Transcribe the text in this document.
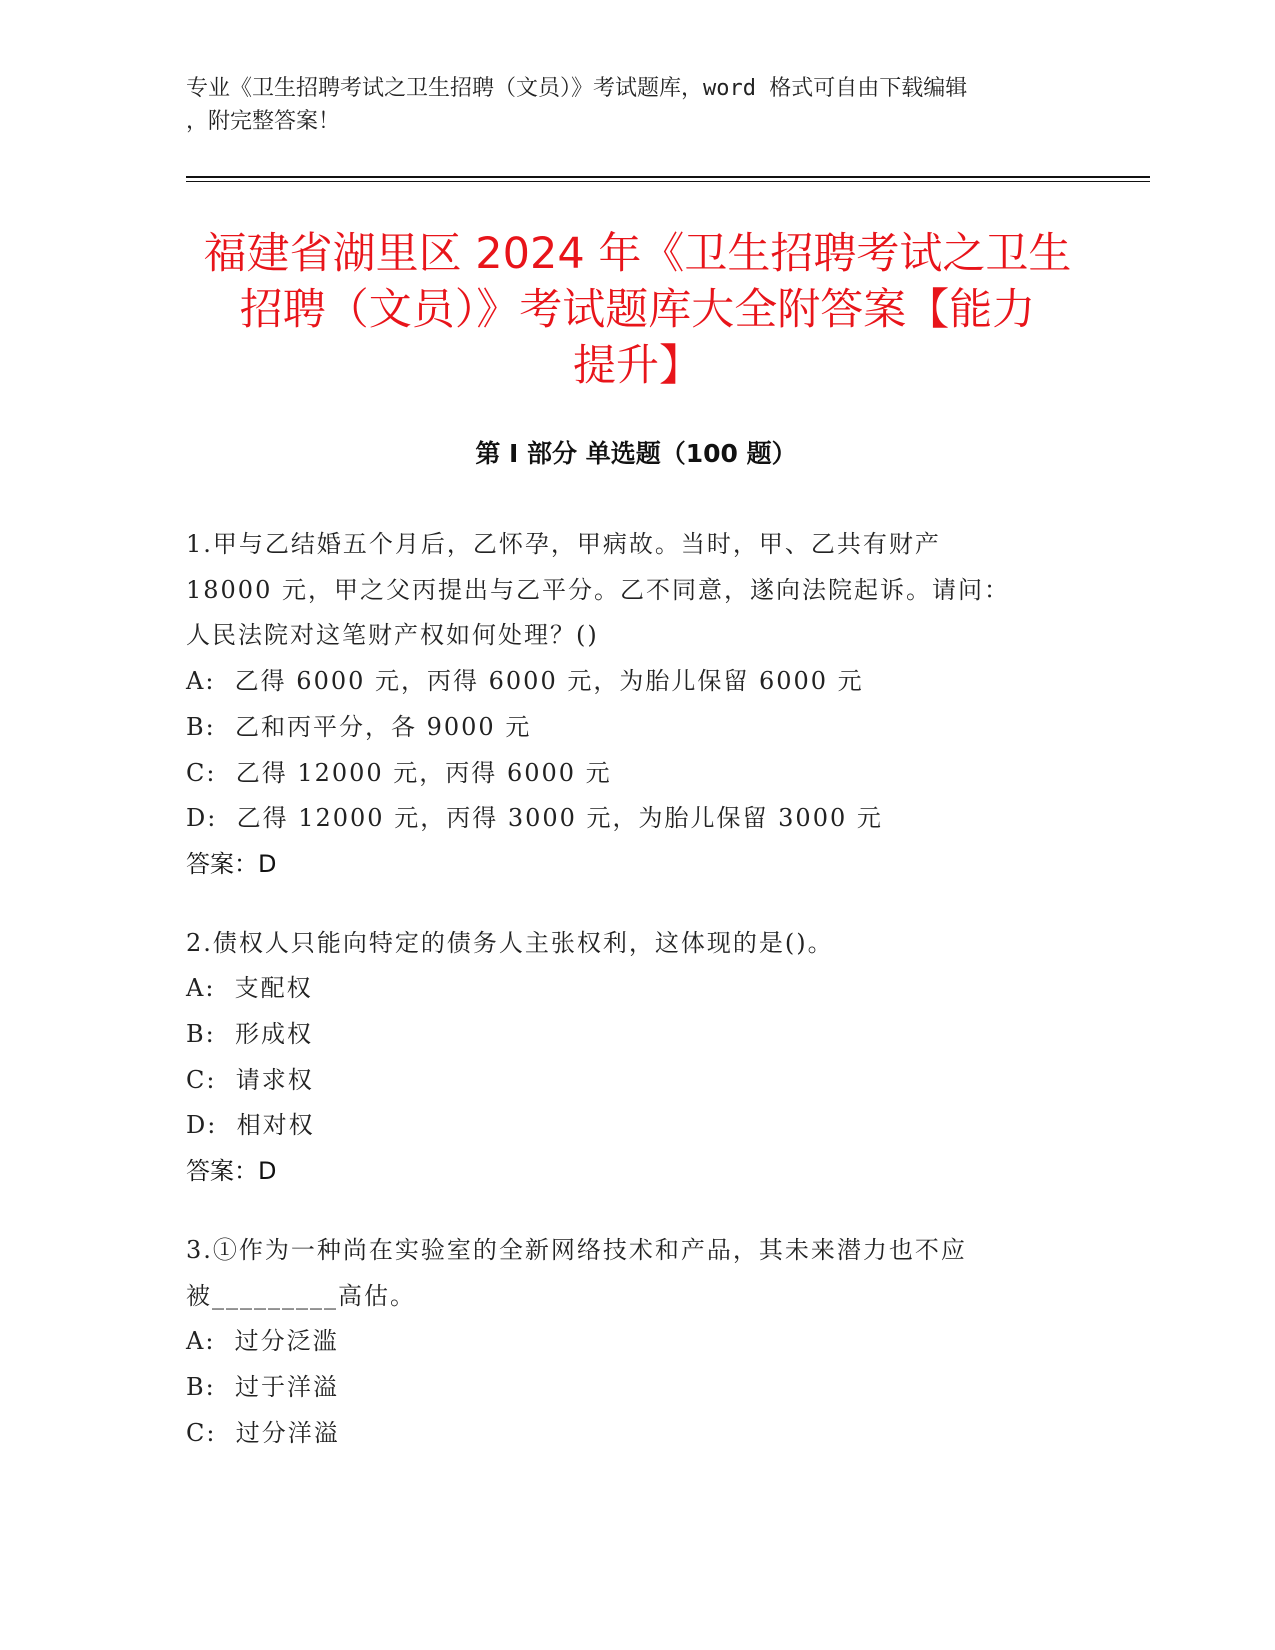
专业《卫生招聘考试之卫生招聘（文员）》考试题库，word 格式可自由下载编辑
，附完整答案！
福建省湖里区 2024 年《卫生招聘考试之卫生
招聘（文员）》考试题库大全附答案【能力
提升】
第 I 部分 单选题（100 题）
1.甲与乙结婚五个月后，乙怀孕，甲病故。当时，甲、乙共有财产
18000 元，甲之父丙提出与乙平分。乙不同意，遂向法院起诉。请问：
人民法院对这笔财产权如何处理？()
A:  乙得 6000 元，丙得 6000 元，为胎儿保留 6000 元
B:  乙和丙平分，各 9000 元
C:  乙得 12000 元，丙得 6000 元
D:  乙得 12000 元，丙得 3000 元，为胎儿保留 3000 元
答案：D
2.债权人只能向特定的债务人主张权利，这体现的是()。
A:  支配权
B:  形成权
C:  请求权
D:  相对权
答案：D
3.①作为一种尚在实验室的全新网络技术和产品，其未来潜力也不应
被_________高估。
A:  过分泛滥
B:  过于洋溢
C:  过分洋溢
